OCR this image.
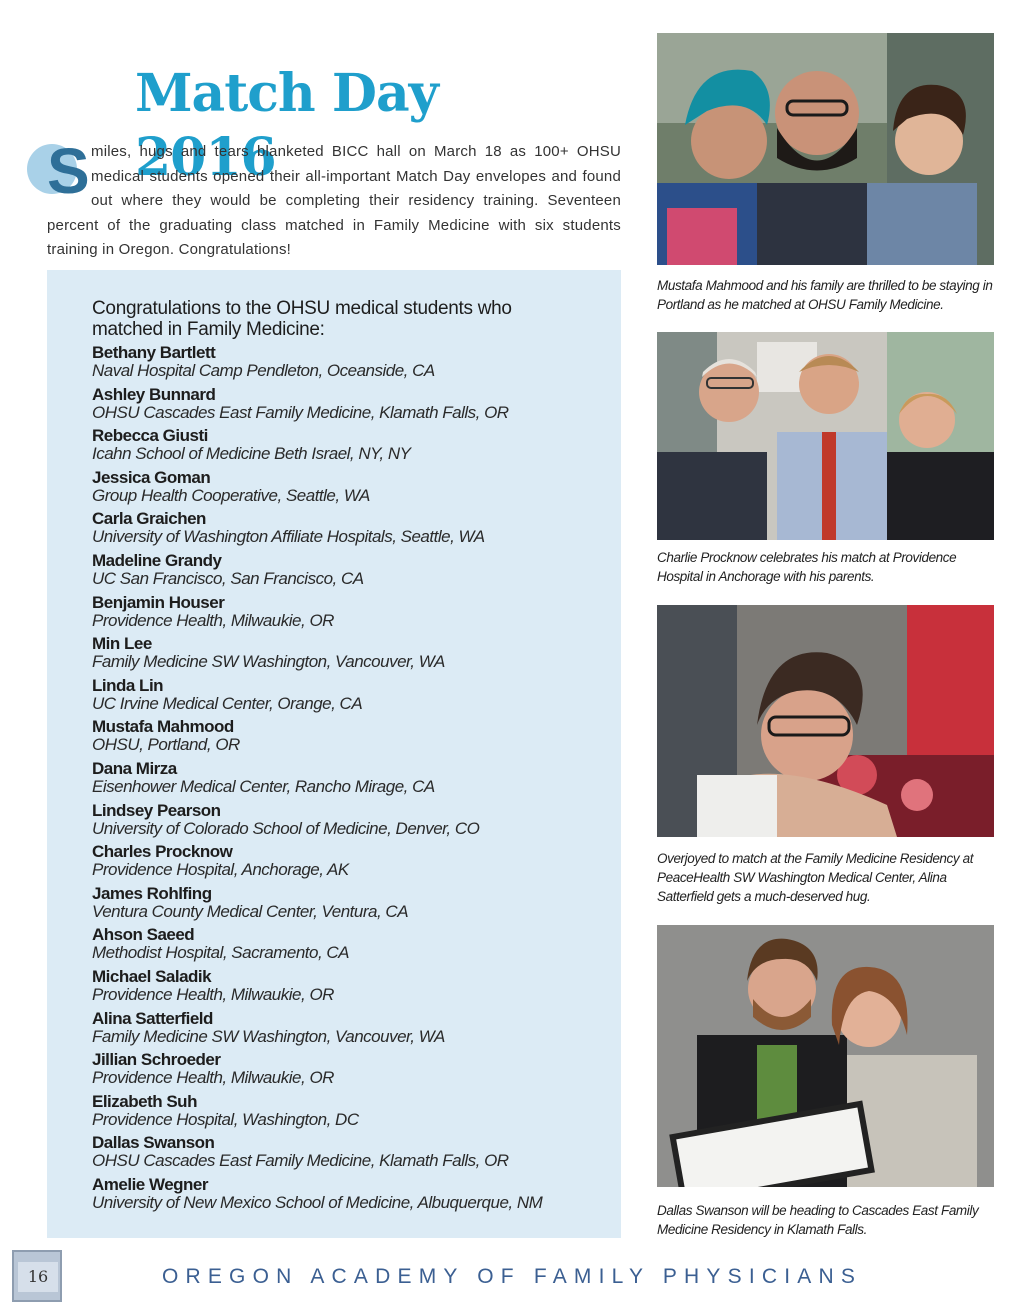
Match Day 2016
S miles, hugs and tears blanketed BICC hall on March 18 as 100+ OHSU medical students opened their all-important Match Day envelopes and found out where they would be completing their residency training. Seventeen percent of the graduating class matched in Family Medicine with six students training in Oregon. Congratulations!
Congratulations to the OHSU medical students who matched in Family Medicine:
Bethany Bartlett
Naval Hospital Camp Pendleton, Oceanside, CA
Ashley Bunnard
OHSU Cascades East Family Medicine, Klamath Falls, OR
Rebecca Giusti
Icahn School of Medicine Beth Israel, NY, NY
Jessica Goman
Group Health Cooperative, Seattle, WA
Carla Graichen
University of Washington Affiliate Hospitals, Seattle, WA
Madeline Grandy
UC San Francisco, San Francisco, CA
Benjamin Houser
Providence Health, Milwaukie, OR
Min Lee
Family Medicine SW Washington, Vancouver, WA
Linda Lin
UC Irvine Medical Center, Orange, CA
Mustafa Mahmood
OHSU, Portland, OR
Dana Mirza
Eisenhower Medical Center, Rancho Mirage, CA
Lindsey Pearson
University of Colorado School of Medicine, Denver, CO
Charles Procknow
Providence Hospital, Anchorage, AK
James Rohlfing
Ventura County Medical Center, Ventura, CA
Ahson Saeed
Methodist Hospital, Sacramento, CA
Michael Saladik
Providence Health, Milwaukie, OR
Alina Satterfield
Family Medicine SW Washington, Vancouver, WA
Jillian Schroeder
Providence Health, Milwaukie, OR
Elizabeth Suh
Providence Hospital, Washington, DC
Dallas Swanson
OHSU Cascades East Family Medicine, Klamath Falls, OR
Amelie Wegner
University of New Mexico School of Medicine, Albuquerque, NM
Mustafa Mahmood and his family are thrilled to be staying in Portland as he matched at OHSU Family Medicine.
Charlie Procknow celebrates his match at Providence Hospital in Anchorage with his parents.
Overjoyed to match at the Family Medicine Residency at PeaceHealth SW Washington Medical Center, Alina Satterfield gets a much-deserved hug.
Dallas Swanson will be heading to Cascades East Family Medicine Residency in Klamath Falls.
16	OREGON ACADEMY OF FAMILY PHYSICIANS
